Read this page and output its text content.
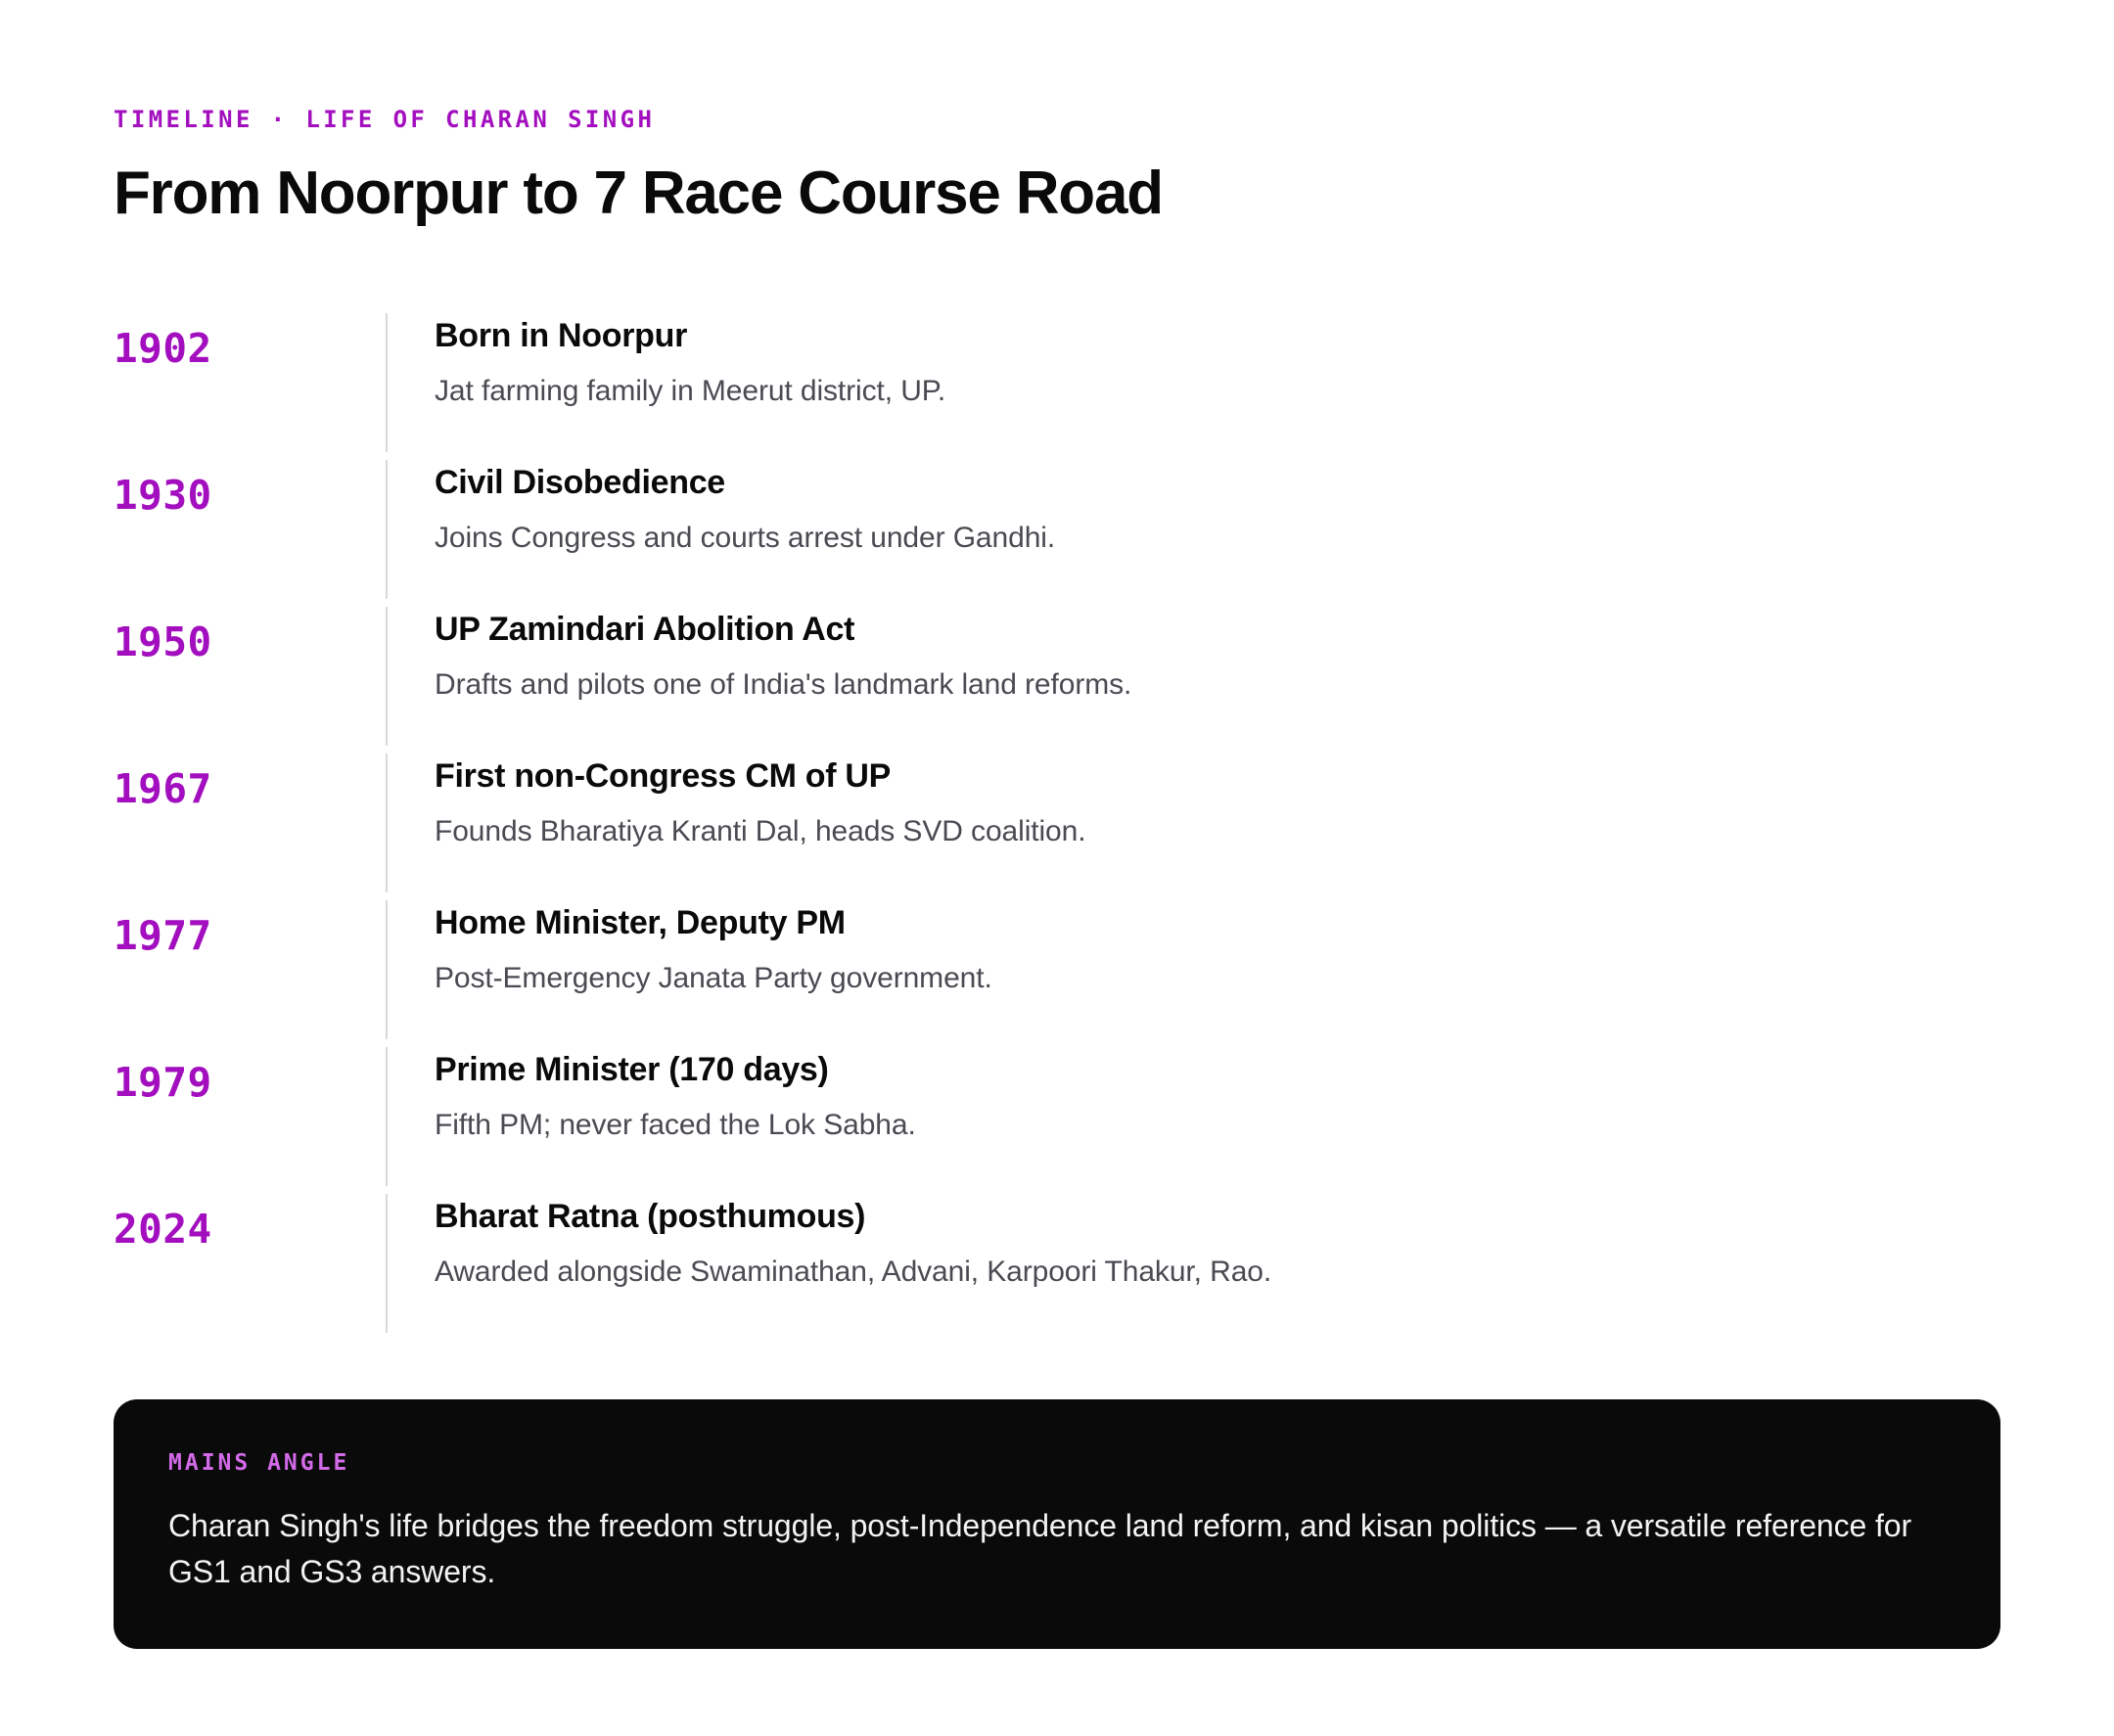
TIMELINE · LIFE OF CHARAN SINGH
From Noorpur to 7 Race Course Road
1902	Born in Noorpur
Jat farming family in Meerut district, UP.
1930	Civil Disobedience
Joins Congress and courts arrest under Gandhi.
1950	UP Zamindari Abolition Act
Drafts and pilots one of India's landmark land reforms.
1967	First non-Congress CM of UP
Founds Bharatiya Kranti Dal, heads SVD coalition.
1977	Home Minister, Deputy PM
Post-Emergency Janata Party government.
1979	Prime Minister (170 days)
Fifth PM; never faced the Lok Sabha.
2024	Bharat Ratna (posthumous)
Awarded alongside Swaminathan, Advani, Karpoori Thakur, Rao.
MAINS ANGLE

Charan Singh's life bridges the freedom struggle, post-Independence land reform, and kisan politics — a versatile reference for GS1 and GS3 answers.
